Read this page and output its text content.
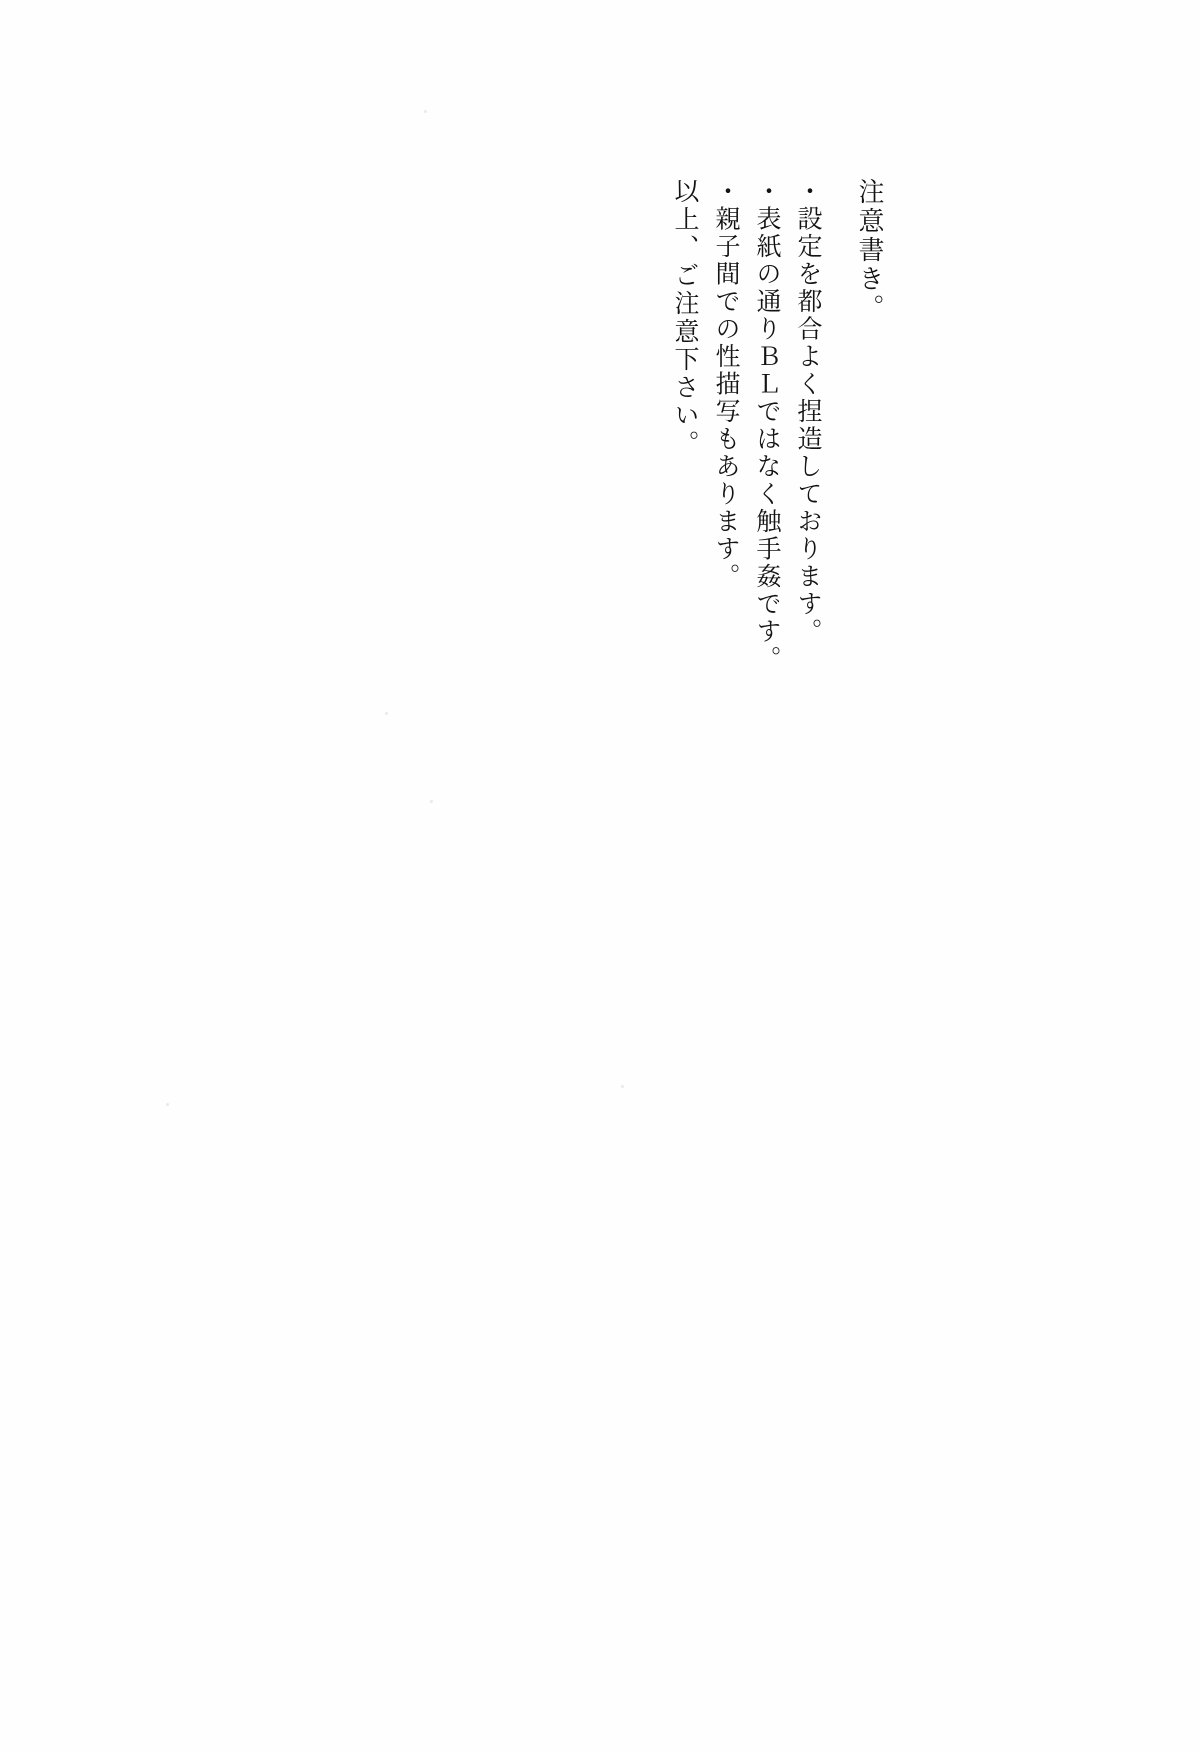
注意書き。
・設定を都合よく捏造しております。
・表紙の通りＢＬではなく触手姦です。
・親子間での性描写もあります。
以上、ご注意下さい。
